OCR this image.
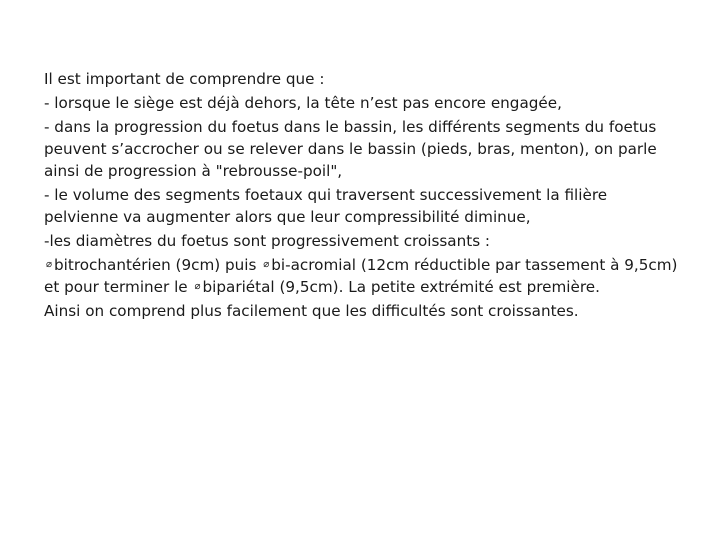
Il est important de comprendre que :

- lorsque le siège est déjà dehors, la tête n’est pas encore engagée,

- dans la progression du foetus dans le bassin, les différents segments du foetus peuvent s’accrocher ou se relever dans le bassin (pieds, bras, menton), on parle ainsi de progression à "rebrousse-poil",

- le volume des segments foetaux qui traversent successivement la filière pelvienne va augmenter alors que leur compressibilité diminue,

-les diamètres du foetus sont progressivement croissants :

⌀ bitrochantérien (9cm) puis ⌀ bi-acromial (12cm réductible par tassement à 9,5cm) et pour terminer le ⌀ bipariétal (9,5cm). La petite extrémité est première.

Ainsi on comprend plus facilement que les difficultés sont croissantes.
